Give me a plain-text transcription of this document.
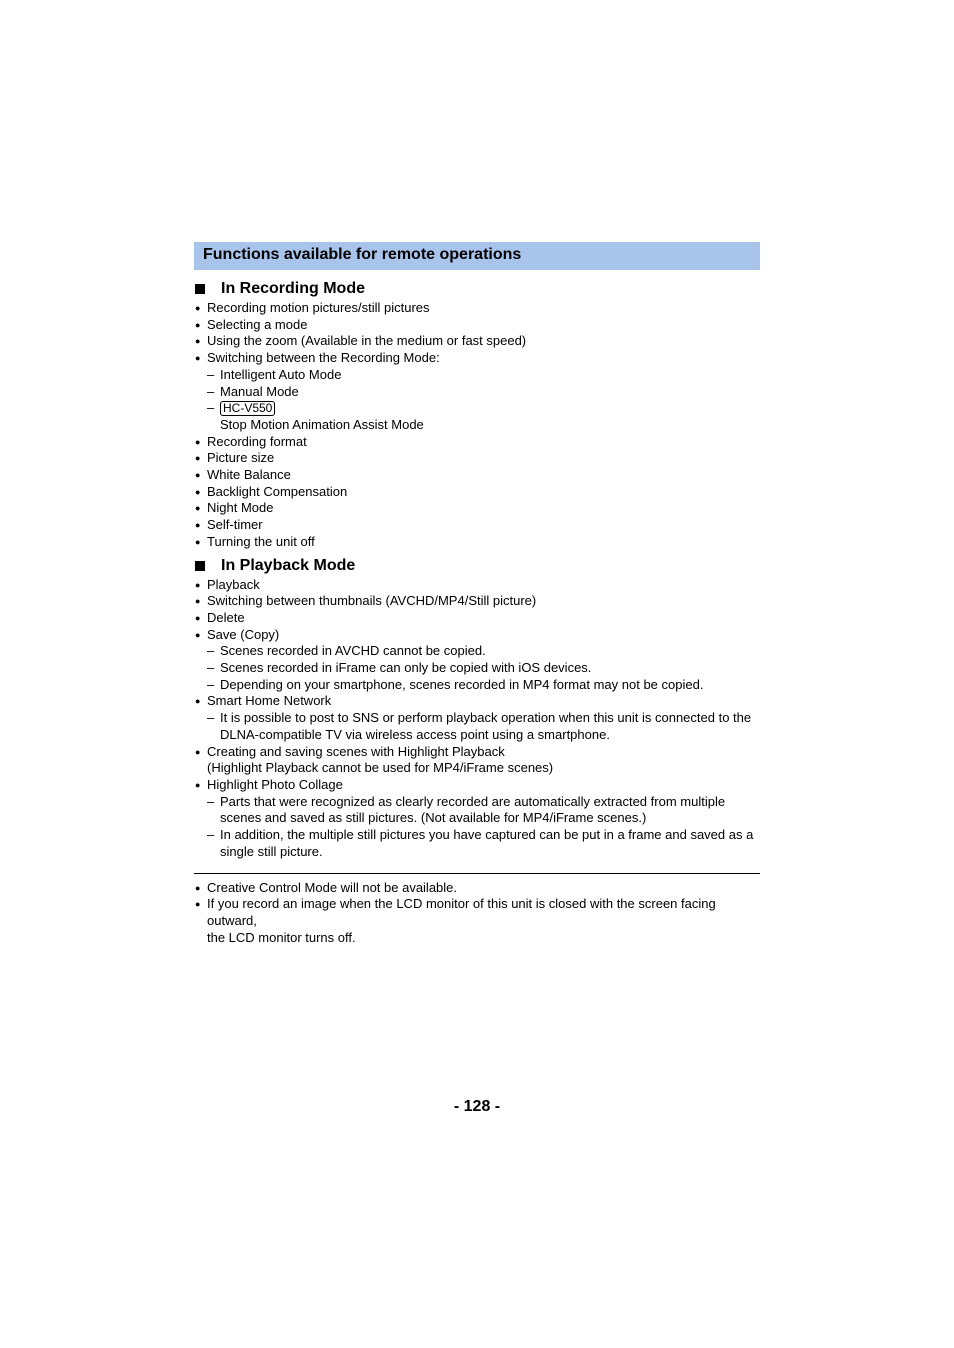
Functions available for remote operations
In Recording Mode
● Recording motion pictures/still pictures
● Selecting a mode
● Using the zoom (Available in the medium or fast speed)
● Switching between the Recording Mode:
– Intelligent Auto Mode
– Manual Mode
– HC-V550
Stop Motion Animation Assist Mode
● Recording format
● Picture size
● White Balance
● Backlight Compensation
● Night Mode
● Self-timer
● Turning the unit off
In Playback Mode
● Playback
● Switching between thumbnails (AVCHD/MP4/Still picture)
● Delete
● Save (Copy)
– Scenes recorded in AVCHD cannot be copied.
– Scenes recorded in iFrame can only be copied with iOS devices.
– Depending on your smartphone, scenes recorded in MP4 format may not be copied.
● Smart Home Network
– It is possible to post to SNS or perform playback operation when this unit is connected to the
DLNA-compatible TV via wireless access point using a smartphone.
● Creating and saving scenes with Highlight Playback
(Highlight Playback cannot be used for MP4/iFrame scenes)
● Highlight Photo Collage
– Parts that were recognized as clearly recorded are automatically extracted from multiple
scenes and saved as still pictures. (Not available for MP4/iFrame scenes.)
– In addition, the multiple still pictures you have captured can be put in a frame and saved as a
single still picture.
● Creative Control Mode will not be available.
● If you record an image when the LCD monitor of this unit is closed with the screen facing outward,
the LCD monitor turns off.
- 128 -
